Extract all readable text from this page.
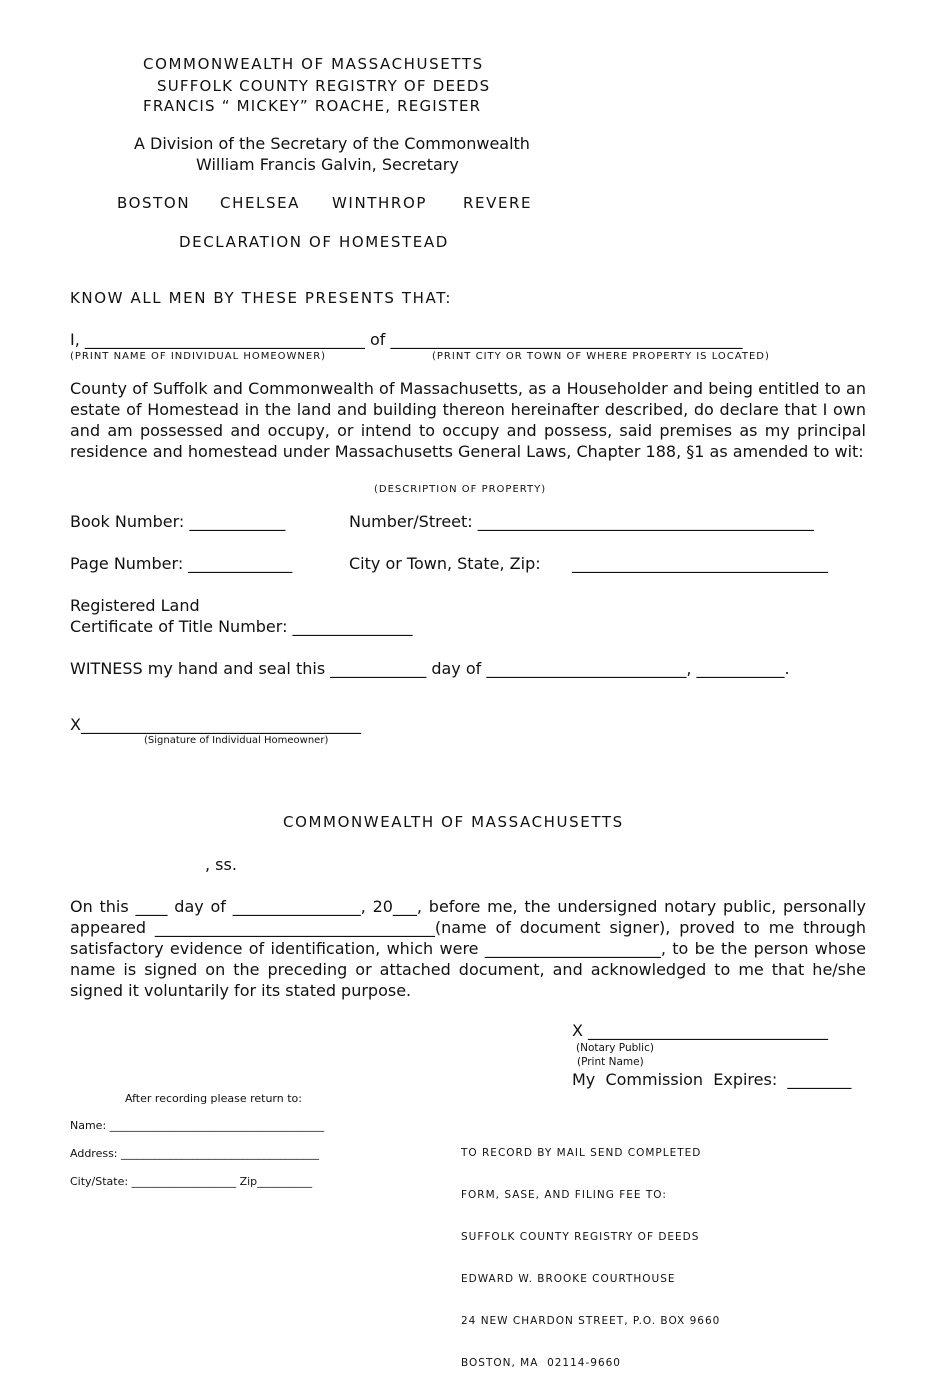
COMMONWEALTH OF MASSACHUSETTS
SUFFOLK COUNTY REGISTRY OF DEEDS
FRANCIS “ MICKEY” ROACHE, REGISTER
A Division of the Secretary of the Commonwealth
William Francis Galvin, Secretary
BOSTON CHELSEA WINTHROP REVERE
DECLARATION OF HOMESTEAD
KNOW ALL MEN BY THESE PRESENTS THAT:
I, ___________________________________ of ____________________________________________
(PRINT NAME OF INDIVIDUAL HOMEOWNER)	(PRINT CITY OR TOWN OF WHERE PROPERTY IS LOCATED)
County of Suffolk and Commonwealth of Massachusetts, as a Householder and being entitled to an estate of Homestead in the land and building thereon hereinafter described, do declare that I own and am possessed and occupy, or intend to occupy and possess, said premises as my principal residence and homestead under Massachusetts General Laws, Chapter 188, §1 as amended to wit:
(DESCRIPTION OF PROPERTY)
Book Number: ____________	Number/Street: __________________________________________
Page Number: _____________	City or Town, State, Zip: ________________________________
Registered Land
Certificate of Title Number: _______________
WITNESS my hand and seal this ____________ day of _________________________, ___________.
X___________________________________
(Signature of Individual Homeowner)
COMMONWEALTH OF MASSACHUSETTS
, ss.
On this ____ day of ________________, 20___, before me, the undersigned notary public, personally appeared ___________________________________(name of document signer), proved to me through satisfactory evidence of identification, which were ______________________, to be the person whose name is signed on the preceding or attached document, and acknowledged to me that he/she signed it voluntarily for its stated purpose.
X ______________________________
(Notary Public)
(Print Name)
My  Commission  Expires:  ________
After recording please return to:
Name: _______________________________________
Address: ____________________________________
City/State: ___________________ Zip__________

TO RECORD BY MAIL SEND COMPLETED

FORM, SASE, AND FILING FEE TO:

SUFFOLK COUNTY REGISTRY OF DEEDS

EDWARD W. BROOKE COURTHOUSE

24 NEW CHARDON STREET, P.O. BOX 9660

BOSTON, MA  02114-9660
